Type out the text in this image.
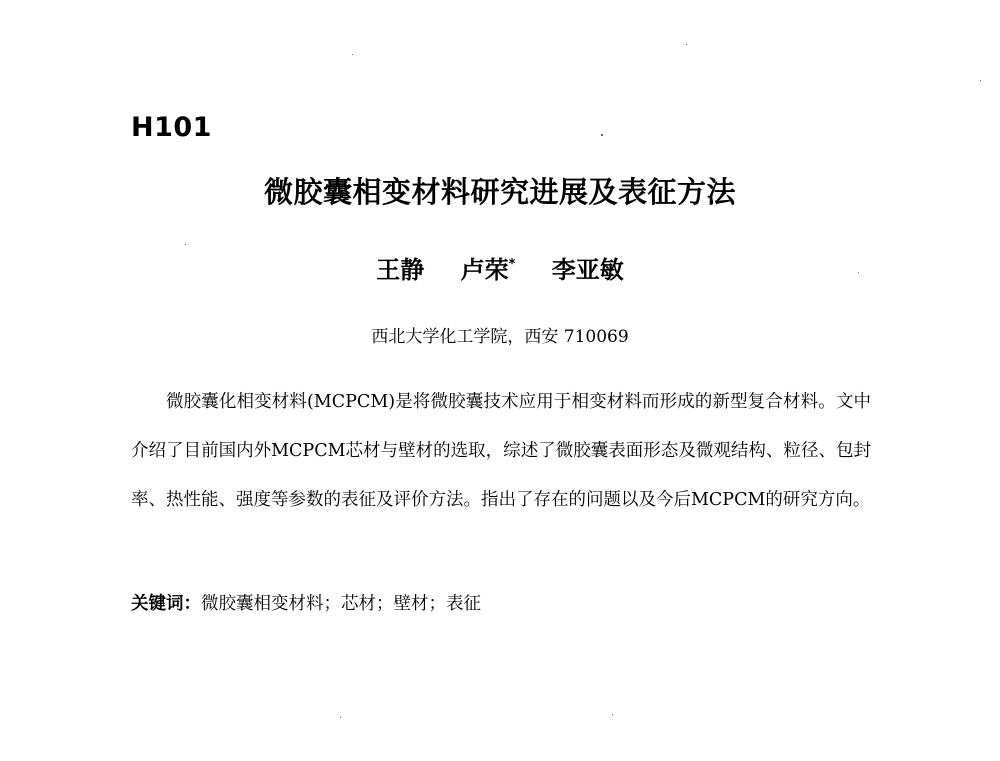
H101
微胶囊相变材料研究进展及表征方法
王静 卢荣* 李亚敏
西北大学化工学院，西安 710069

微胶囊化相变材料(MCPCM)是将微胶囊技术应用于相变材料而形成的新型复合材料。文中介绍了目前国内外MCPCM芯材与壁材的选取，综述了微胶囊表面形态及微观结构、粒径、包封率、热性能、强度等参数的表征及评价方法。指出了存在的问题以及今后MCPCM的研究方向。

关键词：微胶囊相变材料；芯材；壁材；表征
